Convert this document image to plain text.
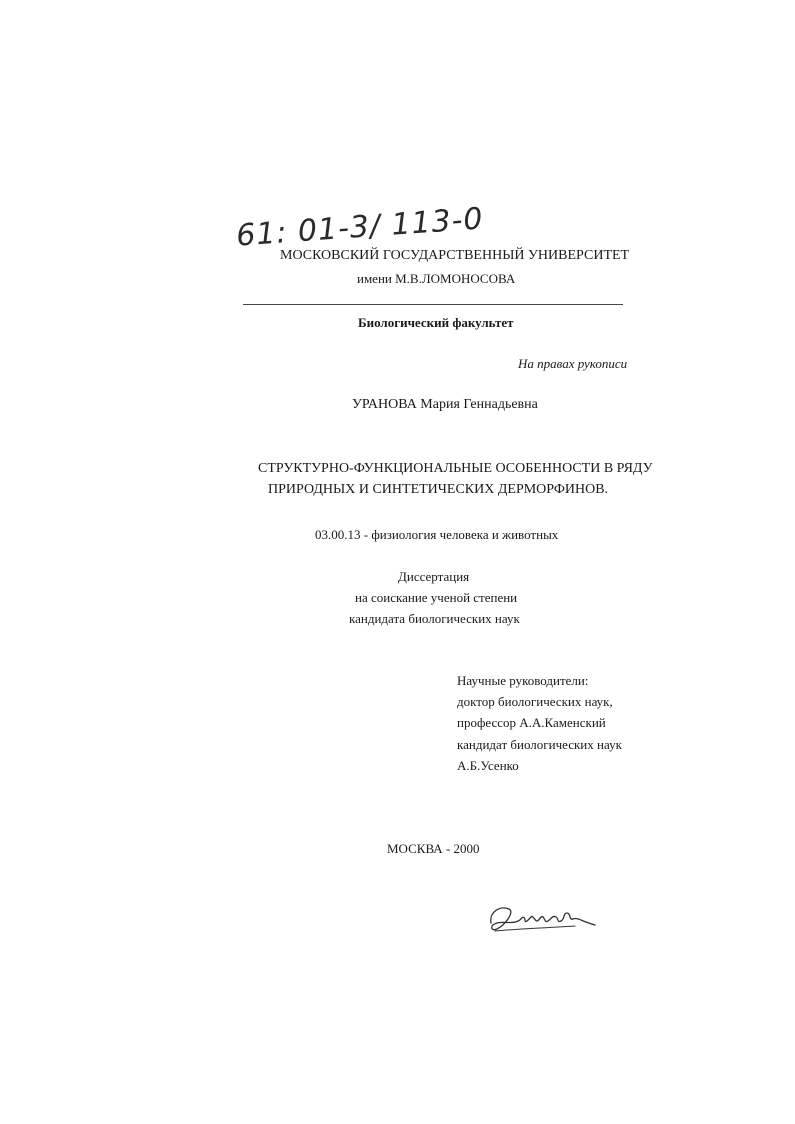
61: 01-3/ 113-0
МОСКОВСКИЙ ГОСУДАРСТВЕННЫЙ УНИВЕРСИТЕТ
имени М.В.ЛОМОНОСОВА
Биологический факультет
На правах рукописи
УРАНОВА Мария Геннадьевна
СТРУКТУРНО-ФУНКЦИОНАЛЬНЫЕ ОСОБЕННОСТИ В РЯДУ
ПРИРОДНЫХ И СИНТЕТИЧЕСКИХ ДЕРМОРФИНОВ.
03.00.13 - физиология человека и животных
Диссертация
на соискание ученой степени
кандидата биологических наук
Научные руководители:
доктор биологических наук,
профессор А.А.Каменский
кандидат биологических наук
А.Б.Усенко
МОСКВА - 2000
